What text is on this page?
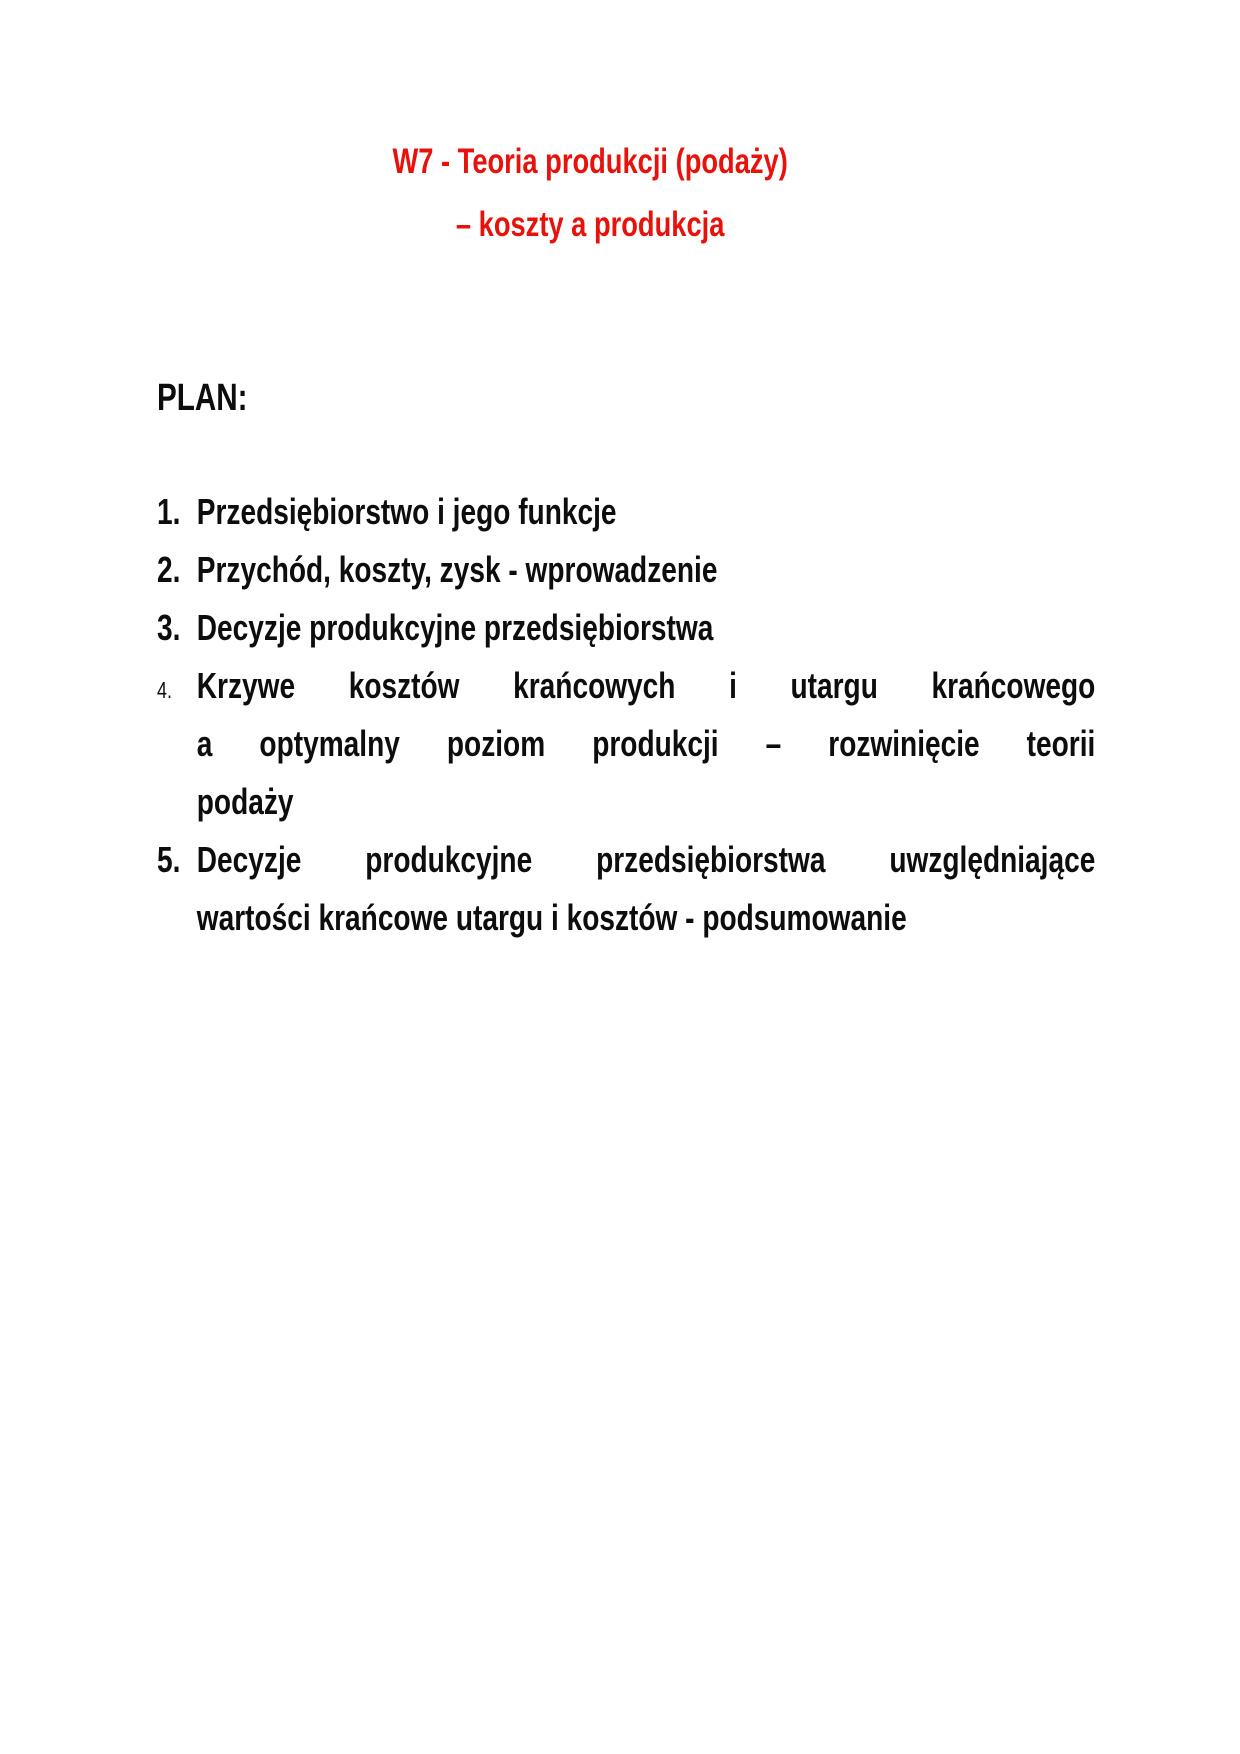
W7 - Teoria produkcji (podaży)
– koszty a produkcja
PLAN:
1. Przedsiębiorstwo i jego funkcje
2. Przychód, koszty, zysk - wprowadzenie
3. Decyzje produkcyjne przedsiębiorstwa
4. Krzywe kosztów krańcowych i utargu krańcowego
a optymalny poziom produkcji – rozwinięcie teorii
podaży
5. Decyzje produkcyjne przedsiębiorstwa uwzględniające
wartości krańcowe utargu i kosztów - podsumowanie
